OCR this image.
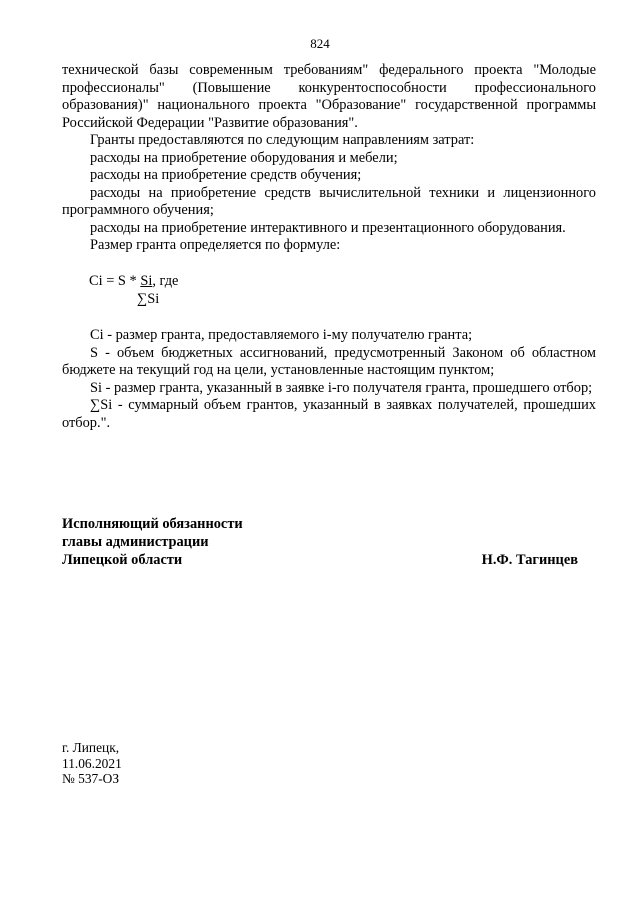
824

технической базы современным требованиям" федерального проекта "Молодые профессионалы" (Повышение конкурентоспособности профессионального образования)" национального проекта "Образование" государственной программы Российской Федерации "Развитие образования".

Гранты предоставляются по следующим направлениям затрат:

расходы на приобретение оборудования и мебели;

расходы на приобретение средств обучения;

расходы на приобретение средств вычислительной техники и лицензионного программного обучения;

расходы на приобретение интерактивного и презентационного оборудования.

Размер гранта определяется по формуле:

Ci = S * Si, где
∑Si

Ci - размер гранта, предоставляемого i-му получателю гранта;

S - объем бюджетных ассигнований, предусмотренный Законом об областном бюджете на текущий год на цели, установленные настоящим пунктом;

Si - размер гранта, указанный в заявке i-го получателя гранта, прошедшего отбор;

∑Si - суммарный объем грантов, указанный в заявках получателей, прошедших отбор.".

Исполняющий обязанности
главы администрации
Липецкой области	Н.Ф. Тагинцев
г. Липецк,
11.06.2021
№ 537-ОЗ
